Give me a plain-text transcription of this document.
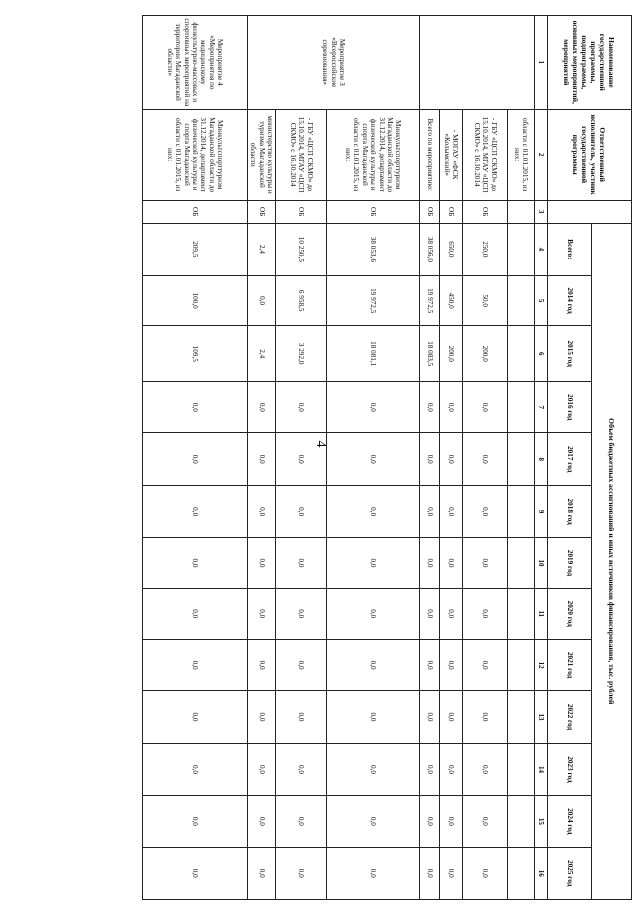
4
Наименование государственной программы, подпрограммы, основных мероприятий, мероприятий	Ответственный исполнитель, участник государственной программы		Объем бюджетных ассигнований и иных источников финансирования, тыс. рублей												
			Всего:	2014 год	2015 год	2016 год	2017 год	2018 год	2019 год	2020 год	2021 год	2022 год	2023 год	2024 год	2025 год
1	2	3	4	5	6	7	8	9	10	11	12	13	14	15	16
	области с 01.01.2015, из них:														
	- ГБУ «ЦСП СКМО» до 15.10.2014, МГАУ «ЦСП СКМО» с 16.10.2014	ОБ	250,0	50,0	200,0	0,0	0,0	0,0	0,0	0,0	0,0	0,0	0,0	0,0	0,0
	- МОГАУ «ФСК «Колымский»	ОБ	650,0	450,0	200,0	0,0	0,0	0,0	0,0	0,0	0,0	0,0	0,0	0,0	0,0
	Всего по мероприятию:	ОБ	38 056,0	19 972,5	18 083,5	0,0	0,0	0,0	0,0	0,0	0,0	0,0	0,0	0,0	0,0
Мероприятие 3 «Всероссийские соревнования»	Минкультспорттуризм Магаданской области до 31.12.2014, департамент физической культуры и спорта Магаданской области с 01.01.2015, из них:	ОБ	38 053,6	19 972,5	18 081,1	0,0	0,0	0,0	0,0	0,0	0,0	0,0	0,0	0,0	0,0
	- ГБУ «ЦСП СКМО» до 15.10.2014, МГАУ «ЦСП СКМО» с 16.10.2014	ОБ	10 250,5	6 958,5	3 292,0	0,0	0,0	0,0	0,0	0,0	0,0	0,0	0,0	0,0	0,0
	министерство культуры и туризма Магаданской области	ОБ	2,4	0,0	2,4	0,0	0,0	0,0	0,0	0,0	0,0	0,0	0,0	0,0	0,0
Мероприятие 4 «Мероприятия по медицинскому физкультурно-массовых и спортивных мероприятий на территории Магаданской области»	Минкультспорттуризм Магаданской области до 31.12.2014, департамент физической культуры и спорта Магаданской области с 01.01.2015, из них:	ОБ	209,5	100,0	109,5	0,0	0,0	0,0	0,0	0,0	0,0	0,0	0,0	0,0	0,0
